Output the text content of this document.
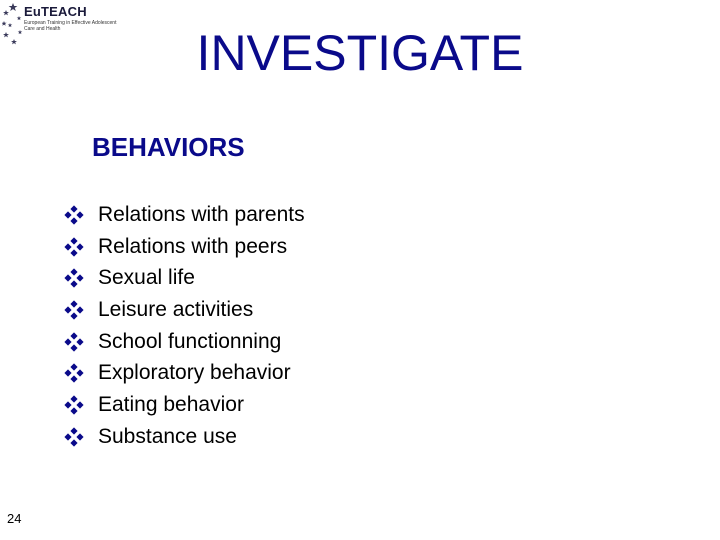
EuTEACH
European Training in Effective Adolescent Care and Health	INVESTIGATE
BEHAVIORS
Relations with parents
Relations with peers
Sexual life
Leisure activities
School functionning
Exploratory behavior
Eating behavior
Substance use
24
